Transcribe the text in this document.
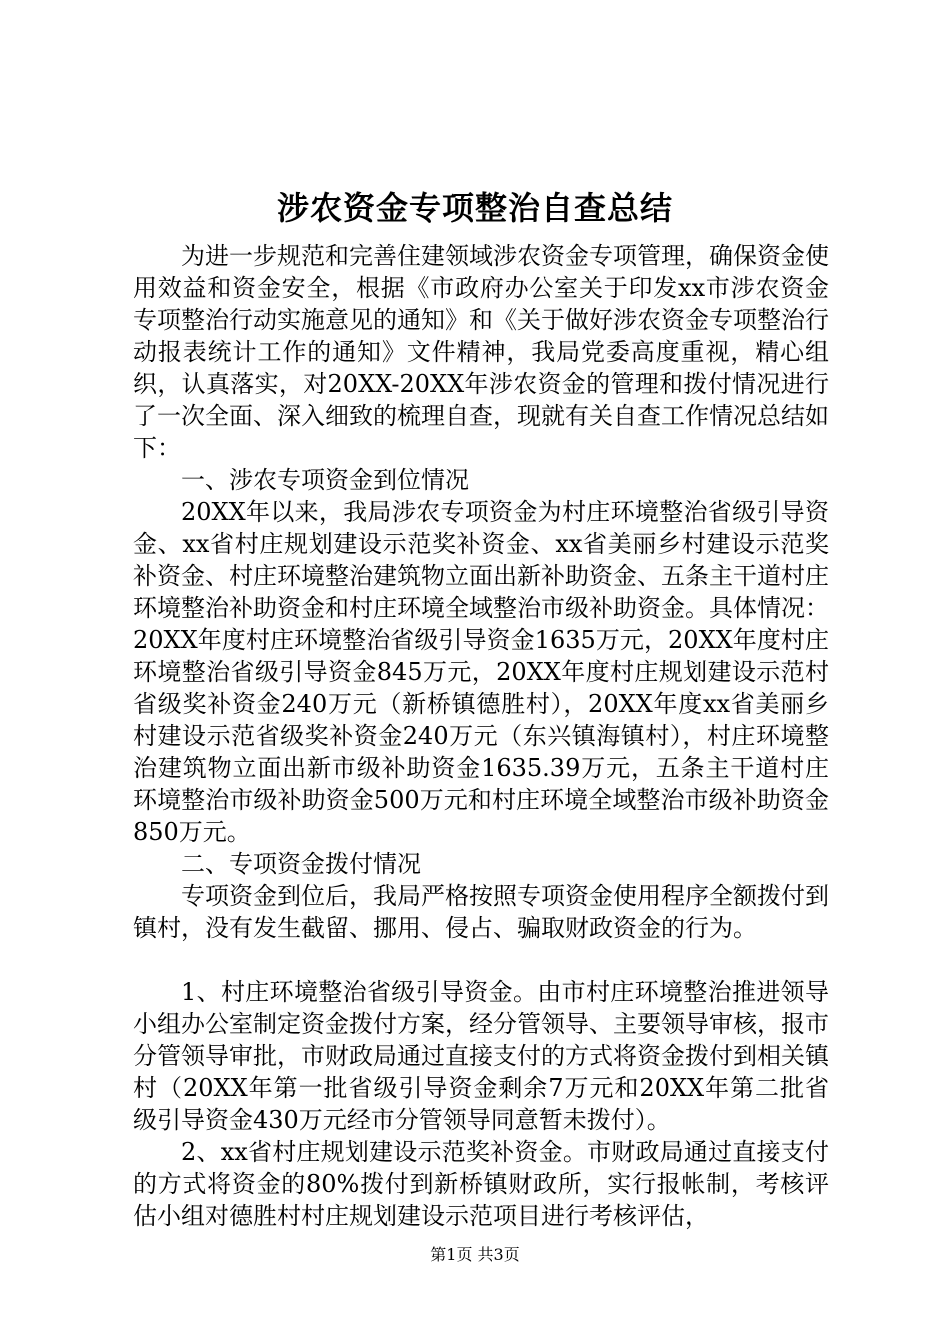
涉农资金专项整治自查总结

为进一步规范和完善住建领域涉农资金专项管理，确保资金使用效益和资金安全，根据《市政府办公室关于印发xx市涉农资金专项整治行动实施意见的通知》和《关于做好涉农资金专项整治行动报表统计工作的通知》文件精神，我局党委高度重视，精心组织，认真落实，对20XX-20XX年涉农资金的管理和拨付情况进行了一次全面、深入细致的梳理自查，现就有关自查工作情况总结如下：

一、涉农专项资金到位情况

20XX年以来，我局涉农专项资金为村庄环境整治省级引导资金、xx省村庄规划建设示范奖补资金、xx省美丽乡村建设示范奖补资金、村庄环境整治建筑物立面出新补助资金、五条主干道村庄环境整治补助资金和村庄环境全域整治市级补助资金。具体情况：20XX年度村庄环境整治省级引导资金1635万元，20XX年度村庄环境整治省级引导资金845万元，20XX年度村庄规划建设示范村省级奖补资金240万元（新桥镇德胜村），20XX年度xx省美丽乡村建设示范省级奖补资金240万元（东兴镇海镇村），村庄环境整治建筑物立面出新市级补助资金1635.39万元，五条主干道村庄环境整治市级补助资金500万元和村庄环境全域整治市级补助资金850万元。

二、专项资金拨付情况

专项资金到位后，我局严格按照专项资金使用程序全额拨付到镇村，没有发生截留、挪用、侵占、骗取财政资金的行为。

1、村庄环境整治省级引导资金。由市村庄环境整治推进领导小组办公室制定资金拨付方案，经分管领导、主要领导审核，报市分管领导审批，市财政局通过直接支付的方式将资金拨付到相关镇村（20XX年第一批省级引导资金剩余7万元和20XX年第二批省级引导资金430万元经市分管领导同意暂未拨付）。

2、xx省村庄规划建设示范奖补资金。市财政局通过直接支付的方式将资金的80%拨付到新桥镇财政所，实行报帐制，考核评估小组对德胜村村庄规划建设示范项目进行考核评估，

第1页 共3页
